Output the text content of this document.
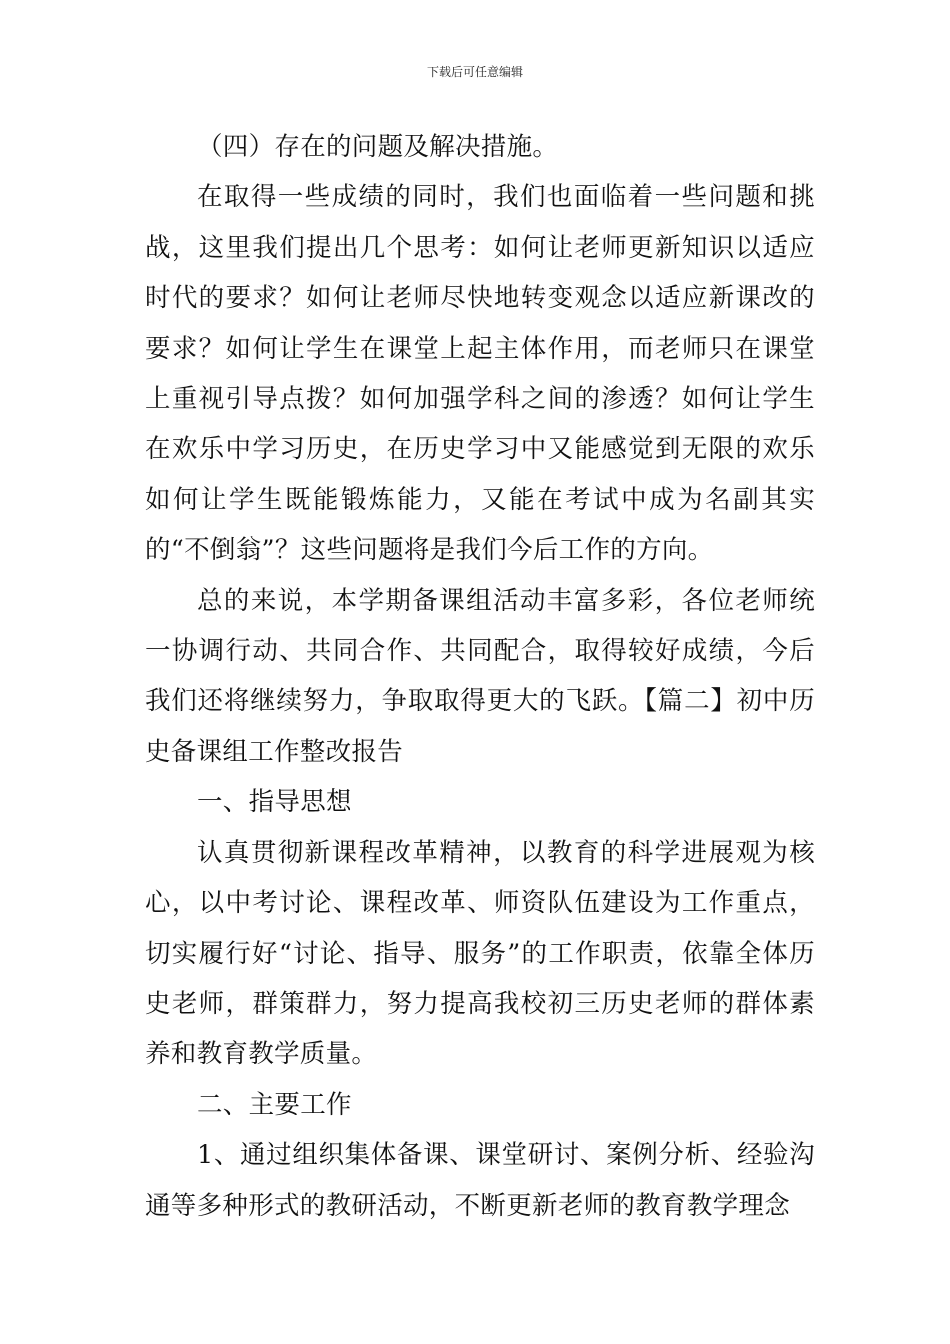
下载后可任意编辑

（四）存在的问题及解决措施。

在取得一些成绩的同时，我们也面临着一些问题和挑战，这里我们提出几个思考：如何让老师更新知识以适应时代的要求？如何让老师尽快地转变观念以适应新课改的要求？如何让学生在课堂上起主体作用，而老师只在课堂上重视引导点拨？如何加强学科之间的渗透？如何让学生在欢乐中学习历史，在历史学习中又能感觉到无限的欢乐如何让学生既能锻炼能力，又能在考试中成为名副其实的“不倒翁”？这些问题将是我们今后工作的方向。

总的来说，本学期备课组活动丰富多彩，各位老师统一协调行动、共同合作、共同配合，取得较好成绩，今后我们还将继续努力，争取取得更大的飞跃。【篇二】初中历史备课组工作整改报告

一、指导思想

认真贯彻新课程改革精神，以教育的科学进展观为核心，以中考讨论、课程改革、师资队伍建设为工作重点，切实履行好“讨论、指导、服务”的工作职责，依靠全体历史老师，群策群力，努力提高我校初三历史老师的群体素养和教育教学质量。

二、主要工作

1、通过组织集体备课、课堂研讨、案例分析、经验沟通等多种形式的教研活动，不断更新老师的教育教学理念
